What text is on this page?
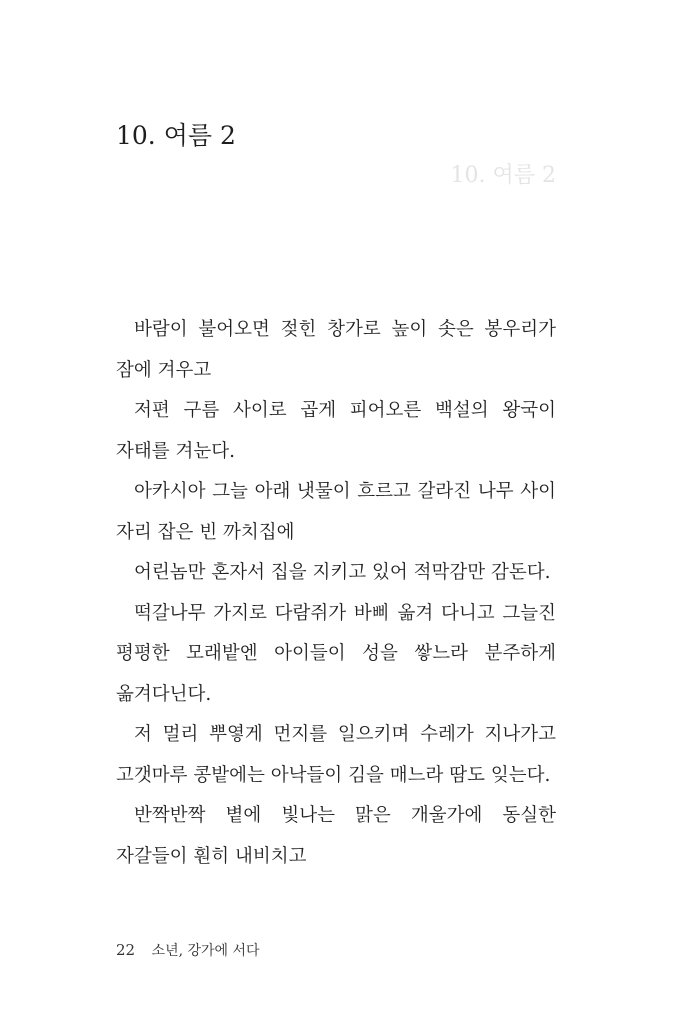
10. 여름 2
10. 여름 2

바람이 불어오면 젖힌 창가로 높이 솟은 봉우리가 잠에 겨우고

저편 구름 사이로 곱게 피어오른 백설의 왕국이 자태를 겨눈다.

아카시아 그늘 아래 냇물이 흐르고 갈라진 나무 사이 자리 잡은 빈 까치집에

어린놈만 혼자서 집을 지키고 있어 적막감만 감돈다.

떡갈나무 가지로 다람쥐가 바삐 옮겨 다니고 그늘진 평평한 모래밭엔 아이들이 성을 쌓느라 분주하게 옮겨다닌다.

저 멀리 뿌옇게 먼지를 일으키며 수레가 지나가고 고갯마루 콩밭에는 아낙들이 김을 매느라 땀도 잊는다.

반짝반짝 볕에 빛나는 맑은 개울가에 동실한 자갈들이 훤히 내비치고

22 소년, 강가에 서다
